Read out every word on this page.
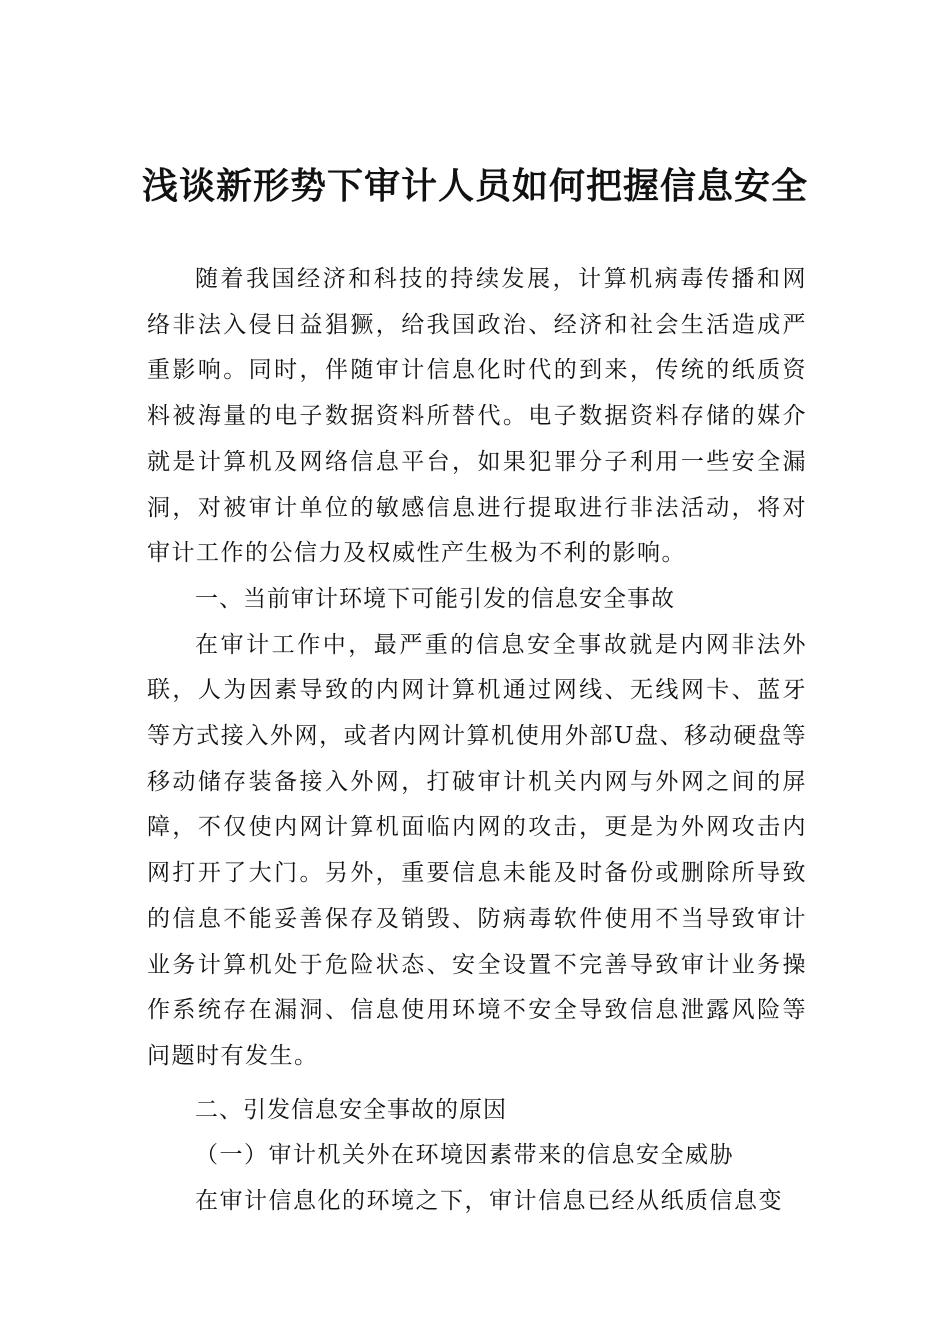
浅谈新形势下审计人员如何把握信息安全

随着我国经济和科技的持续发展，计算机病毒传播和网络非法入侵日益猖獗，给我国政治、经济和社会生活造成严重影响。同时，伴随审计信息化时代的到来，传统的纸质资料被海量的电子数据资料所替代。电子数据资料存储的媒介就是计算机及网络信息平台，如果犯罪分子利用一些安全漏洞，对被审计单位的敏感信息进行提取进行非法活动，将对审计工作的公信力及权威性产生极为不利的影响。

一、当前审计环境下可能引发的信息安全事故

在审计工作中，最严重的信息安全事故就是内网非法外联，人为因素导致的内网计算机通过网线、无线网卡、蓝牙等方式接入外网，或者内网计算机使用外部U盘、移动硬盘等移动储存装备接入外网，打破审计机关内网与外网之间的屏障，不仅使内网计算机面临内网的攻击，更是为外网攻击内网打开了大门。另外，重要信息未能及时备份或删除所导致的信息不能妥善保存及销毁、防病毒软件使用不当导致审计业务计算机处于危险状态、安全设置不完善导致审计业务操作系统存在漏洞、信息使用环境不安全导致信息泄露风险等问题时有发生。

二、引发信息安全事故的原因

（一）审计机关外在环境因素带来的信息安全威胁

在审计信息化的环境之下，审计信息已经从纸质信息变
